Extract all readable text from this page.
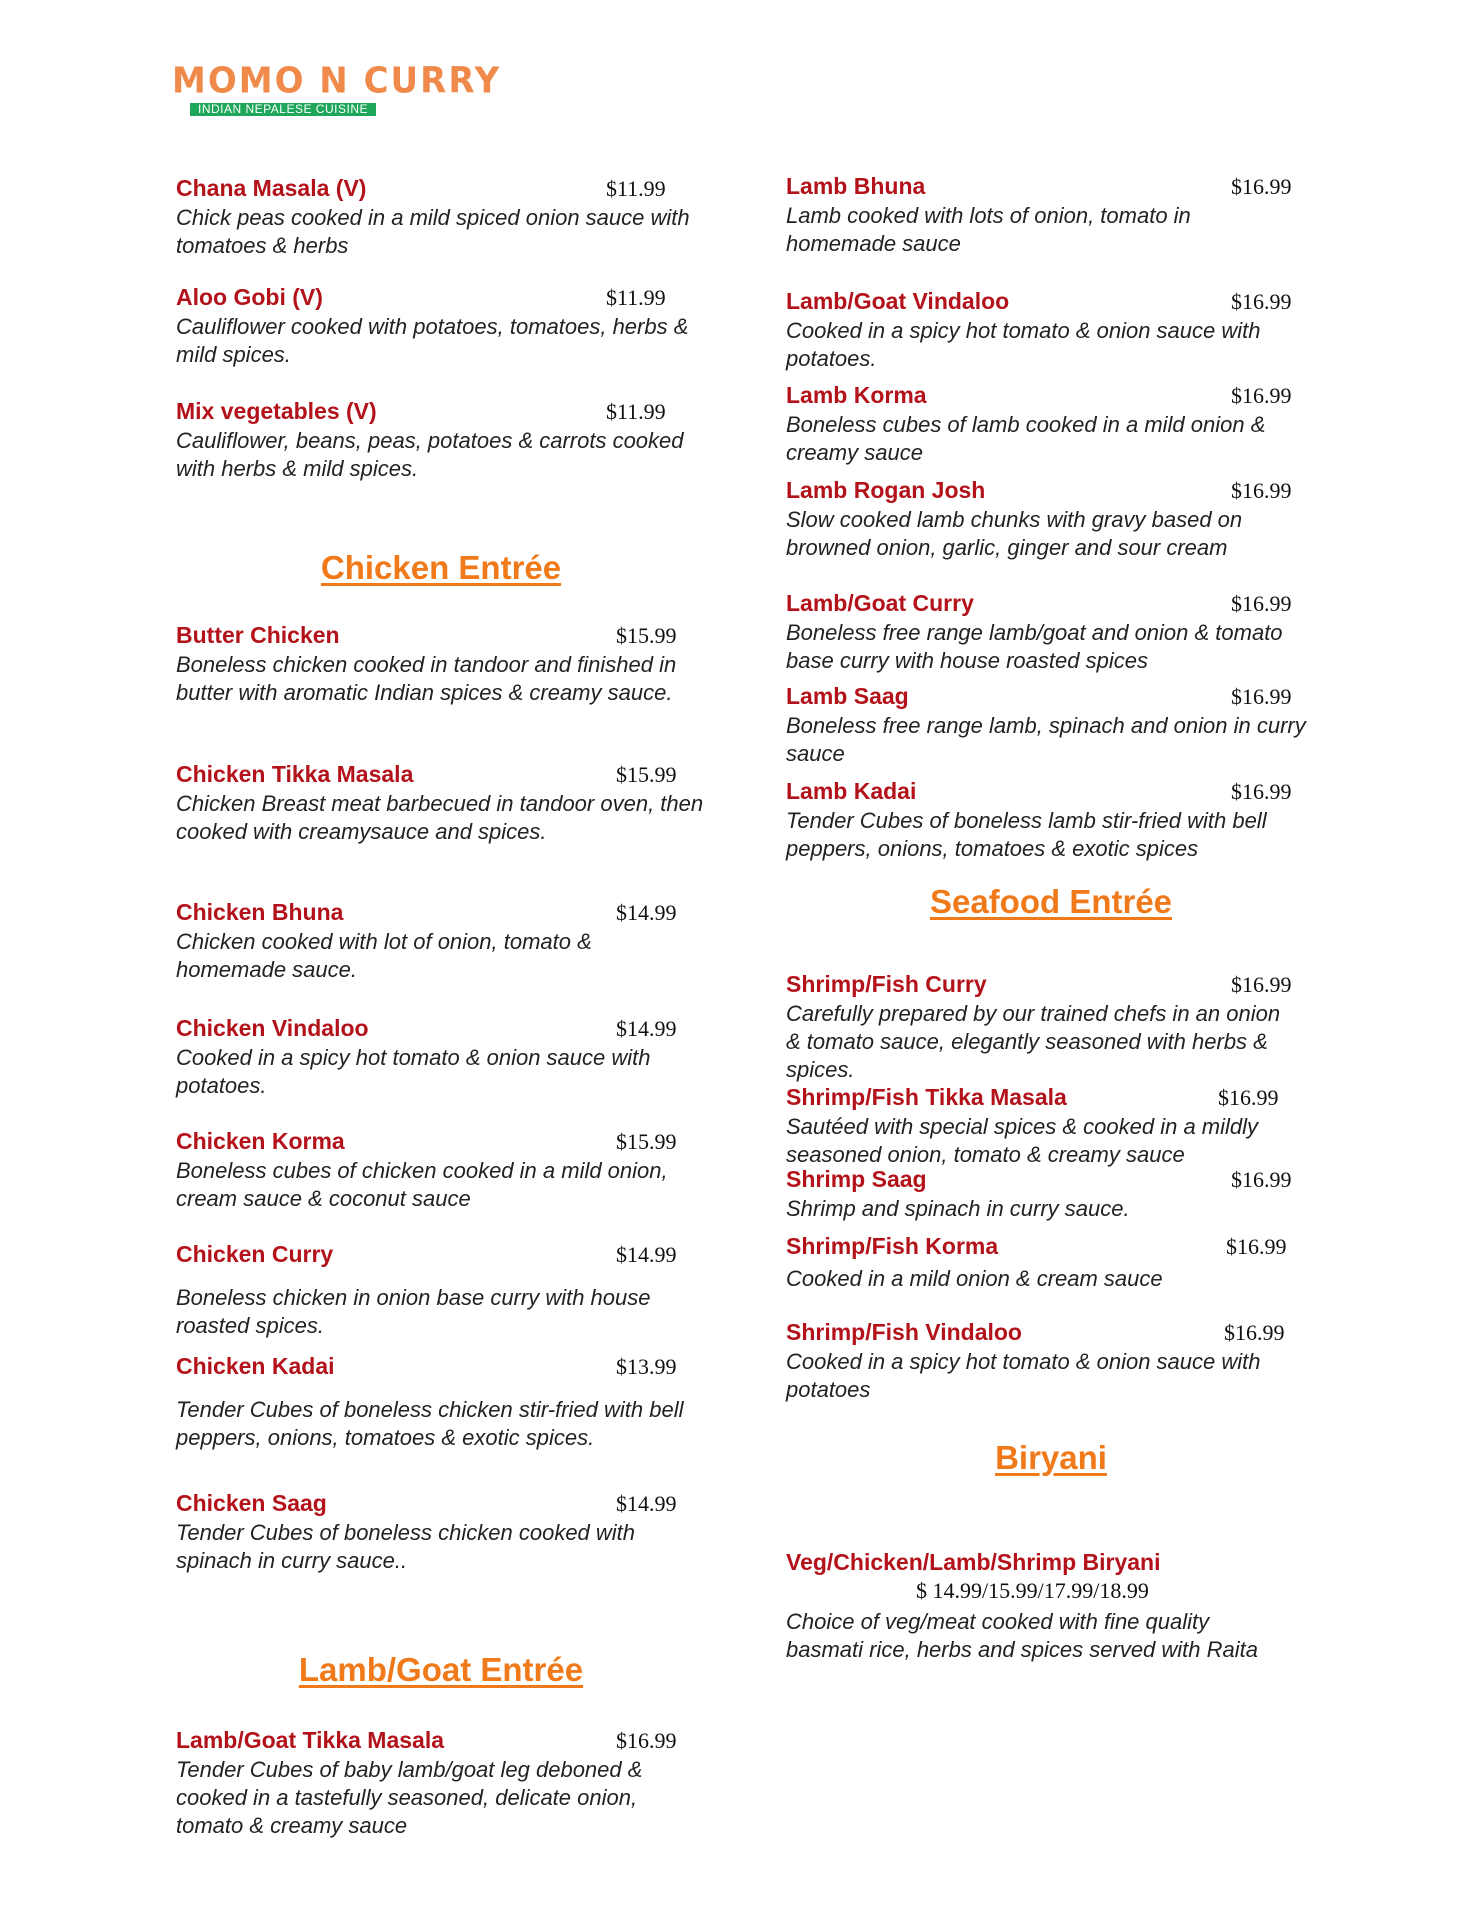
MOMO N CURRY
INDIAN NEPALESE CUISINE
Chana Masala (V)	$11.99
Chick peas cooked in a mild spiced onion sauce with tomatoes & herbs
Aloo Gobi (V)	$11.99
Cauliflower cooked with potatoes, tomatoes, herbs & mild spices.
Mix vegetables (V)	$11.99
Cauliflower, beans, peas, potatoes & carrots cooked with herbs & mild spices.
Chicken Entrée
Butter Chicken	$15.99
Boneless chicken cooked in tandoor and finished in butter with aromatic Indian spices & creamy sauce.
Chicken Tikka Masala	$15.99
Chicken Breast meat barbecued in tandoor oven, then cooked with creamysauce and spices.
Chicken Bhuna	$14.99
Chicken cooked with lot of onion, tomato & homemade sauce.
Chicken Vindaloo	$14.99
Cooked in a spicy hot tomato & onion sauce with potatoes.
Chicken Korma	$15.99
Boneless cubes of chicken cooked in a mild onion, cream sauce & coconut sauce
Chicken Curry	$14.99
Boneless chicken in onion base curry with house roasted spices.
Chicken Kadai	$13.99
Tender Cubes of boneless chicken stir-fried with bell peppers, onions, tomatoes & exotic spices.
Chicken Saag	$14.99
Tender Cubes of boneless chicken cooked with spinach in curry sauce..
Lamb/Goat Entrée
Lamb/Goat Tikka Masala	$16.99
Tender Cubes of baby lamb/goat leg deboned & cooked in a tastefully seasoned, delicate onion, tomato & creamy sauce
Lamb Bhuna	$16.99
Lamb cooked with lots of onion, tomato in homemade sauce
Lamb/Goat Vindaloo	$16.99
Cooked in a spicy hot tomato & onion sauce with potatoes.
Lamb Korma	$16.99
Boneless cubes of lamb cooked in a mild onion & creamy sauce
Lamb Rogan Josh	$16.99
Slow cooked lamb chunks with gravy based on browned onion, garlic, ginger and sour cream
Lamb/Goat Curry	$16.99
Boneless free range lamb/goat and onion & tomato base curry with house roasted spices
Lamb Saag	$16.99
Boneless free range lamb, spinach and onion in curry sauce
Lamb Kadai	$16.99
Tender Cubes of boneless lamb stir-fried with bell peppers, onions, tomatoes & exotic spices
Seafood Entrée
Shrimp/Fish Curry	$16.99
Carefully prepared by our trained chefs in an onion & tomato sauce, elegantly seasoned with herbs & spices.
Shrimp/Fish Tikka Masala	$16.99
Sautéed with special spices & cooked in a mildly seasoned onion, tomato & creamy sauce
Shrimp Saag	$16.99
Shrimp and spinach in curry sauce.
Shrimp/Fish Korma	$16.99
Cooked in a mild onion & cream sauce
Shrimp/Fish Vindaloo	$16.99
Cooked in a spicy hot tomato & onion sauce with potatoes
Biryani
Veg/Chicken/Lamb/Shrimp Biryani
$ 14.99/15.99/17.99/18.99
Choice of veg/meat cooked with fine quality basmati rice, herbs and spices served with Raita
